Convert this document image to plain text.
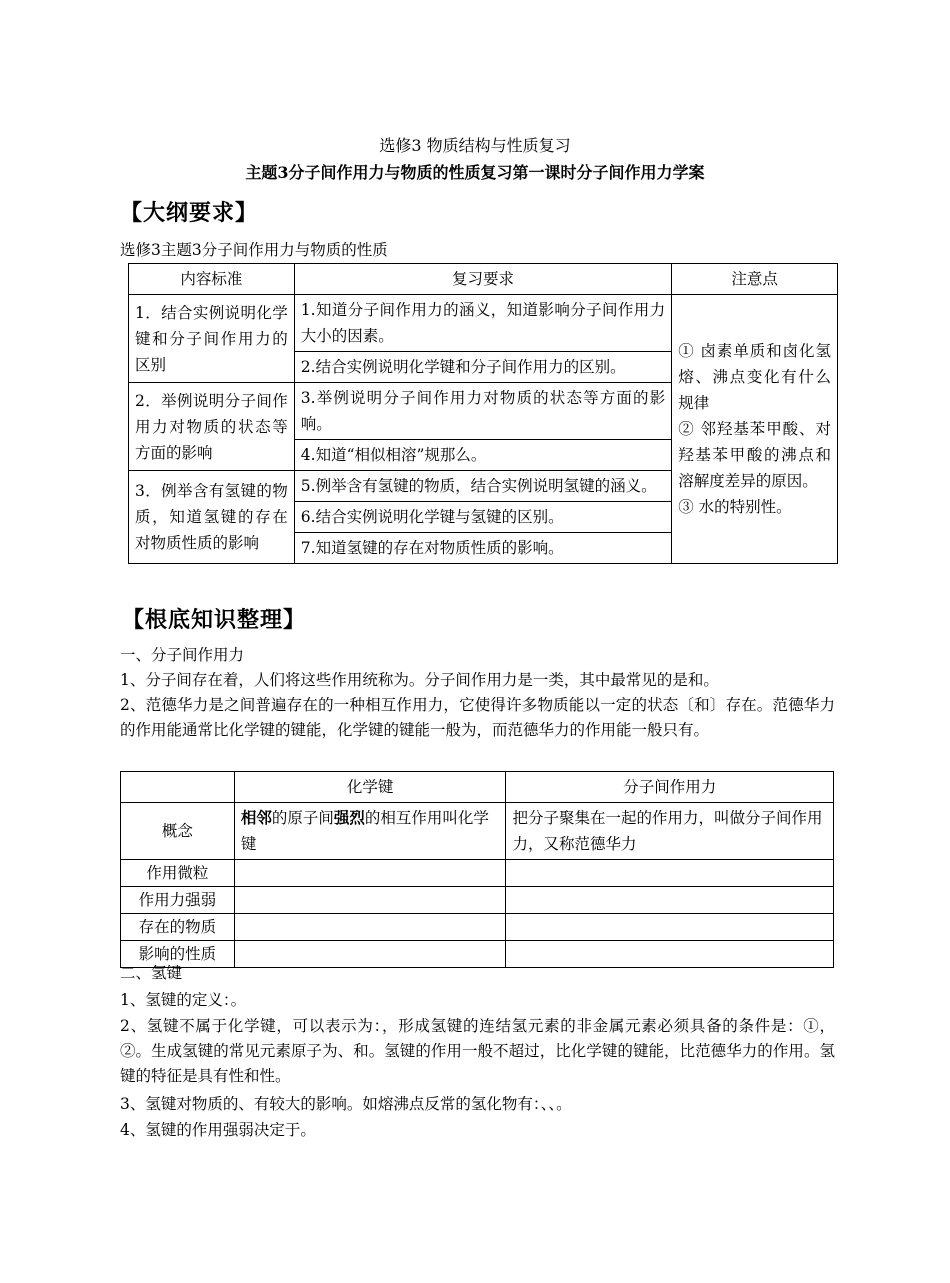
选修3 物质结构与性质复习
主题3分子间作用力与物质的性质复习第一课时分子间作用力学案
【大纲要求】
选修3主题3分子间作用力与物质的性质
内容标准	复习要求	注意点
1．结合实例说明化学键和分子间作用力的区别	1.知道分子间作用力的涵义，知道影响分子间作用力大小的因素。	① 卤素单质和卤化氢熔、沸点变化有什么规律
② 邻羟基苯甲酸、对羟基苯甲酸的沸点和溶解度差异的原因。
③ 水的特别性。

	2.结合实例说明化学键和分子间作用力的区别。	
2．举例说明分子间作用力对物质的状态等方面的影响	3.举例说明分子间作用力对物质的状态等方面的影响。	
	4.知道“相似相溶”规那么。	
3．例举含有氢键的物质，知道氢键的存在对物质性质的影响	5.例举含有氢键的物质，结合实例说明氢键的涵义。	
	6.结合实例说明化学键与氢键的区别。	
	7.知道氢键的存在对物质性质的影响。	
【根底知识整理】
一、分子间作用力
1、分子间存在着，人们将这些作用统称为。分子间作用力是一类，其中最常见的是和。
2、范德华力是之间普遍存在的一种相互作用力，它使得许多物质能以一定的状态〔和〕存在。范德华力的作用能通常比化学键的键能，化学键的键能一般为，而范德华力的作用能一般只有。
	化学键	分子间作用力
概念	相邻的原子间强烈的相互作用叫化学键	把分子聚集在一起的作用力，叫做分子间作用力，又称范德华力
作用微粒		
作用力强弱		
存在的物质		
影响的性质		
二、氢键
1、氢键的定义：。
2、氢键不属于化学键，可以表示为：，形成氢键的连结氢元素的非金属元素必须具备的条件是：①，②。生成氢键的常见元素原子为、和。氢键的作用一般不超过，比化学键的键能，比范德华力的作用。氢键的特征是具有性和性。
3、氢键对物质的、有较大的影响。如熔沸点反常的氢化物有：、、。
4、氢键的作用强弱决定于。
